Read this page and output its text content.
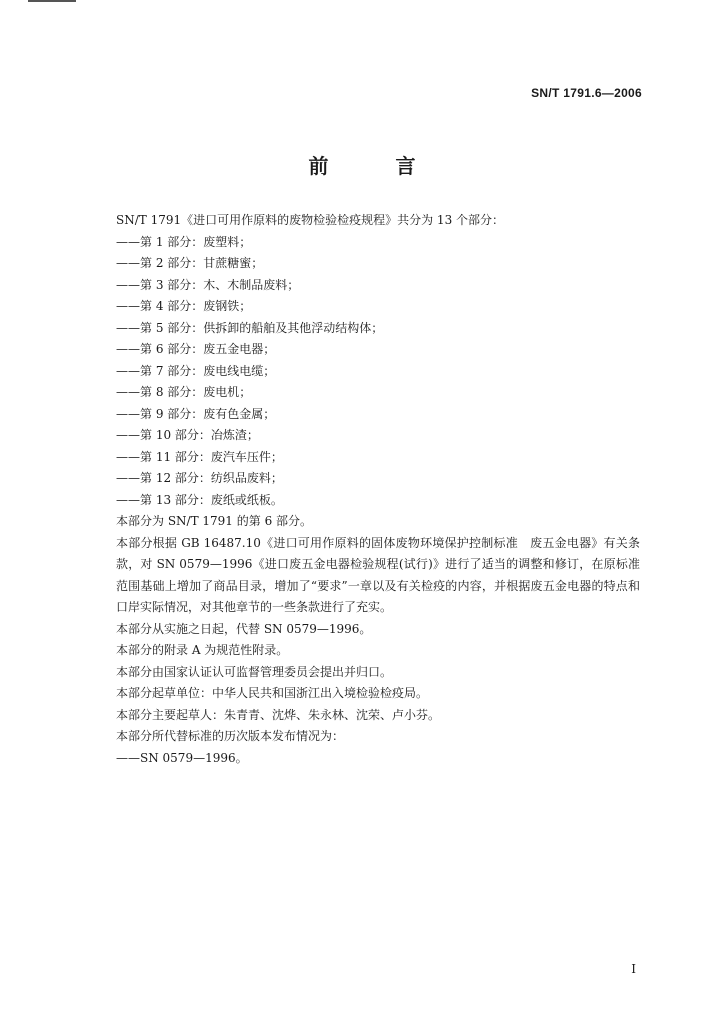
SN/T 1791.6—2006
前 言

SN/T 1791《进口可用作原料的废物检验检疫规程》共分为 13 个部分：

——第 1 部分：废塑料；
——第 2 部分：甘蔗糖蜜；
——第 3 部分：木、木制品废料；
——第 4 部分：废钢铁；
——第 5 部分：供拆卸的船舶及其他浮动结构体；
——第 6 部分：废五金电器；
——第 7 部分：废电线电缆；
——第 8 部分：废电机；
——第 9 部分：废有色金属；
——第 10 部分：冶炼渣；
——第 11 部分：废汽车压件；
——第 12 部分：纺织品废料；
——第 13 部分：废纸或纸板。

本部分为 SN/T 1791 的第 6 部分。

本部分根据 GB 16487.10《进口可用作原料的固体废物环境保护控制标准　废五金电器》有关条款，对 SN 0579—1996《进口废五金电器检验规程(试行)》进行了适当的调整和修订，在原标准范围基础上增加了商品目录，增加了“要求”一章以及有关检疫的内容，并根据废五金电器的特点和口岸实际情况，对其他章节的一些条款进行了充实。

本部分从实施之日起，代替 SN 0579—1996。

本部分的附录 A 为规范性附录。

本部分由国家认证认可监督管理委员会提出并归口。

本部分起草单位：中华人民共和国浙江出入境检验检疫局。

本部分主要起草人：朱青青、沈烨、朱永林、沈荣、卢小芬。

本部分所代替标准的历次版本发布情况为：

——SN 0579—1996。

I
